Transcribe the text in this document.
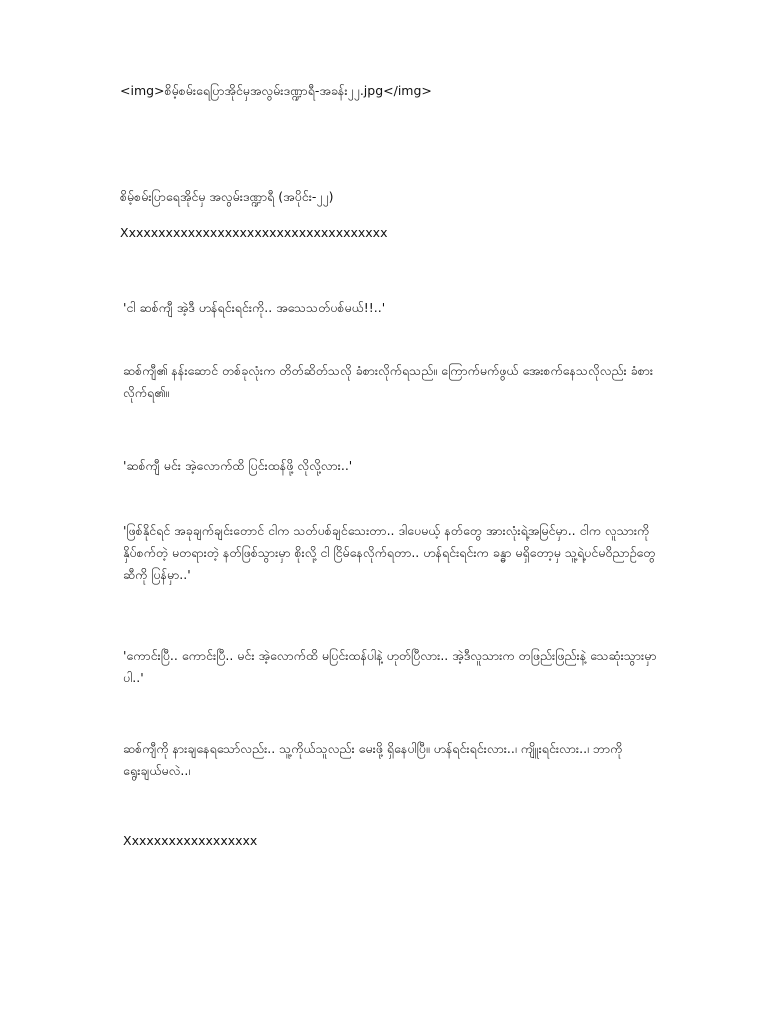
<img>စိမ့်စမ်းရေပြာအိုင်မှအလွမ်းဒဏ္ဍာရီ-အခန်း၂၂.jpg</img>
စိမ့်စမ်းပြာရေအိုင်မှ အလွမ်းဒဏ္ဍာရီ (အပိုင်း-၂၂)
Xxxxxxxxxxxxxxxxxxxxxxxxxxxxxxxxxxxx
'ငါ ဆစ်ကျီ အဲ့ဒီ ဟန်ရင်းရင်းကို.. အသေသတ်ပစ်မယ်!!..'
ဆစ်ကျီ၏ နန်းဆောင် တစ်ခုလုံးက တိတ်ဆိတ်သလို ခံစားလိုက်ရသည်။ ကြောက်မက်ဖွယ် အေးစက်နေသလိုလည်း ခံစားလိုက်ရ၏။
'ဆစ်ကျီ မင်း အဲ့လောက်ထိ ပြင်းထန်ဖို့ လိုလို့လား..'
'ဖြစ်နိုင်ရင် အခုချက်ချင်းတောင် ငါက သတ်ပစ်ချင်သေးတာ.. ဒါပေမယ့် နတ်တွေ အားလုံးရဲ့အမြင်မှာ.. ငါက လူသားကို နှိပ်စက်တဲ့ မတရားတဲ့ နတ်ဖြစ်သွားမှာ စိုးလို့ ငါ ငြိမ်နေလိုက်ရတာ.. ဟန်ရင်းရင်းက ခန္ဓာ မရှိတော့မှ သူ့ရဲ့ပင်မဝိညာဉ်တွေဆီကို ပြန်မှာ..'
'ကောင်းပြီ.. ကောင်းပြီ.. မင်း အဲ့လောက်ထိ မပြင်းထန်ပါနဲ့ ဟုတ်ပြီလား.. အဲ့ဒီလူသားက တဖြည်းဖြည်းနဲ့ သေဆုံးသွားမှာပါ..'
ဆစ်ကျီကို နားချနေရသော်လည်း.. သူ့ကိုယ်သူလည်း မေးဖို့ ရှိနေပါပြီ။ ဟန်ရင်းရင်းလား..၊ ကျိူးရင်းလား..၊ ဘာကို ရွေးချယ်မလဲ..၊
Xxxxxxxxxxxxxxxxxx
